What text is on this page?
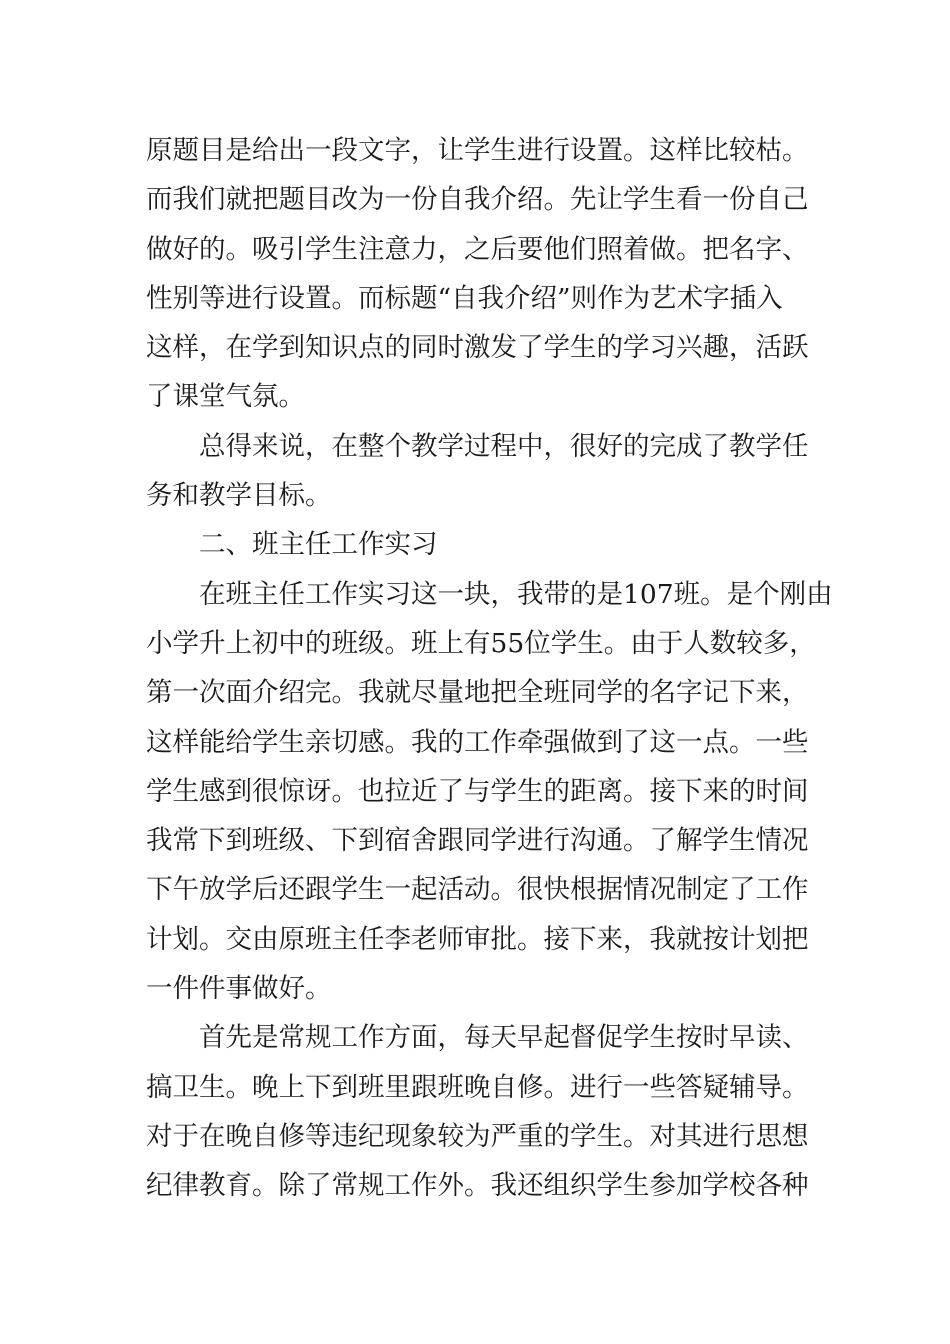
原题目是给出一段文字，让学生进行设置。这样比较枯。
而我们就把题目改为一份自我介绍。先让学生看一份自己
做好的。吸引学生注意力，之后要他们照着做。把名字、
性别等进行设置。而标题“自我介绍”则作为艺术字插入
这样，在学到知识点的同时激发了学生的学习兴趣，活跃
了课堂气氛。
总得来说，在整个教学过程中，很好的完成了教学任
务和教学目标。
二、班主任工作实习
在班主任工作实习这一块，我带的是107班。是个刚由
小学升上初中的班级。班上有55位学生。由于人数较多，
第一次面介绍完。我就尽量地把全班同学的名字记下来，
这样能给学生亲切感。我的工作牵强做到了这一点。一些
学生感到很惊讶。也拉近了与学生的距离。接下来的时间
我常下到班级、下到宿舍跟同学进行沟通。了解学生情况
下午放学后还跟学生一起活动。很快根据情况制定了工作
计划。交由原班主任李老师审批。接下来，我就按计划把
一件件事做好。
首先是常规工作方面，每天早起督促学生按时早读、
搞卫生。晚上下到班里跟班晚自修。进行一些答疑辅导。
对于在晚自修等违纪现象较为严重的学生。对其进行思想
纪律教育。除了常规工作外。我还组织学生参加学校各种
